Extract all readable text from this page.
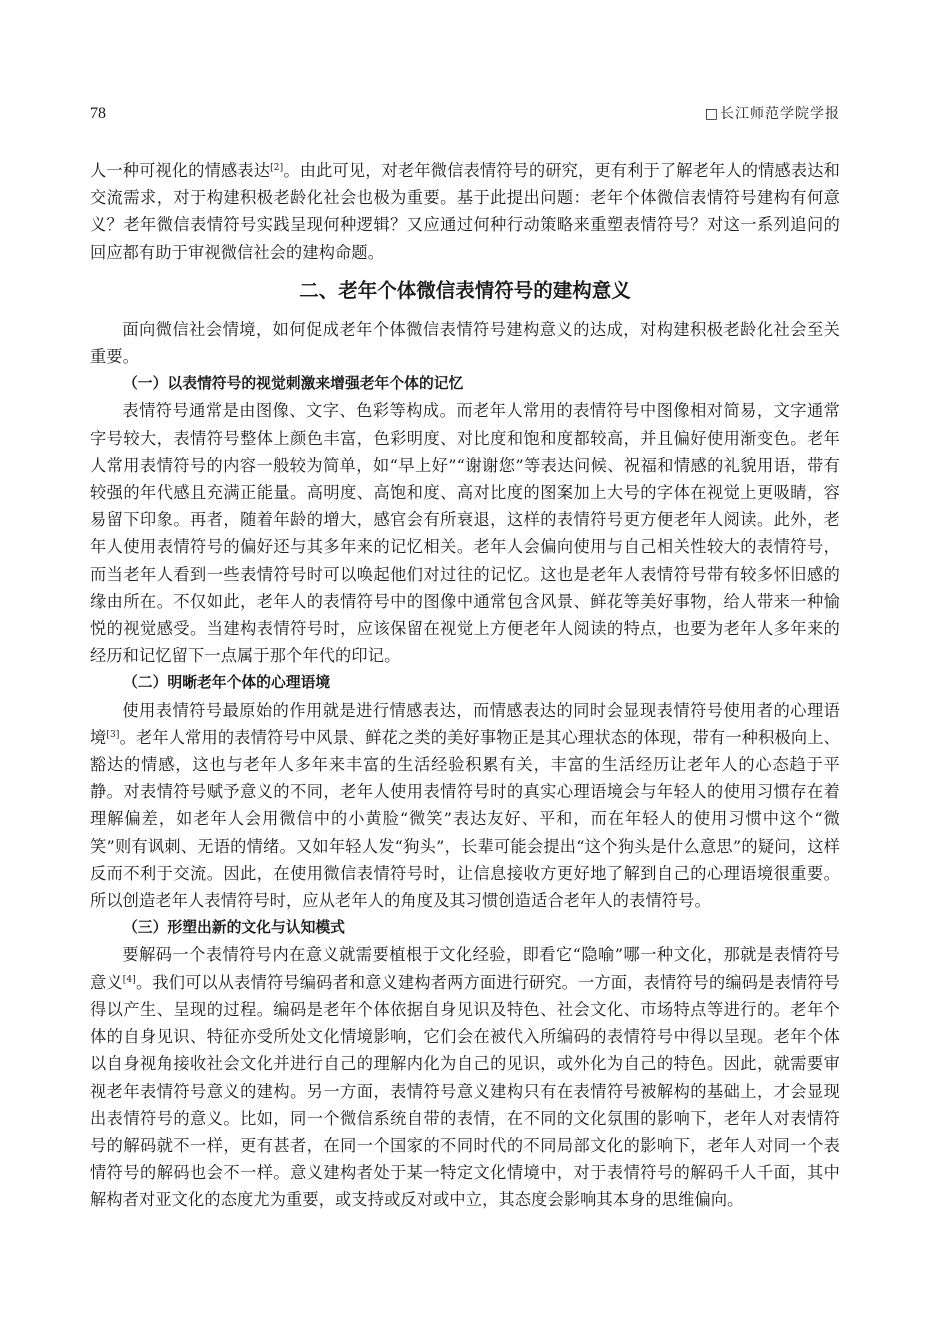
78	□长江师范学院学报

人一种可视化的情感表达[2]。由此可见，对老年微信表情符号的研究，更有利于了解老年人的情感表达和交流需求，对于构建积极老龄化社会也极为重要。基于此提出问题：老年个体微信表情符号建构有何意义？老年微信表情符号实践呈现何种逻辑？又应通过何种行动策略来重塑表情符号？对这一系列追问的回应都有助于审视微信社会的建构命题。

二、老年个体微信表情符号的建构意义

面向微信社会情境，如何促成老年个体微信表情符号建构意义的达成，对构建积极老龄化社会至关重要。

（一）以表情符号的视觉刺激来增强老年个体的记忆

表情符号通常是由图像、文字、色彩等构成。而老年人常用的表情符号中图像相对简易，文字通常字号较大，表情符号整体上颜色丰富，色彩明度、对比度和饱和度都较高，并且偏好使用渐变色。老年人常用表情符号的内容一般较为简单，如“早上好”“谢谢您”等表达问候、祝福和情感的礼貌用语，带有较强的年代感且充满正能量。高明度、高饱和度、高对比度的图案加上大号的字体在视觉上更吸睛，容易留下印象。再者，随着年龄的增大，感官会有所衰退，这样的表情符号更方便老年人阅读。此外，老年人使用表情符号的偏好还与其多年来的记忆相关。老年人会偏向使用与自己相关性较大的表情符号，而当老年人看到一些表情符号时可以唤起他们对过往的记忆。这也是老年人表情符号带有较多怀旧感的缘由所在。不仅如此，老年人的表情符号中的图像中通常包含风景、鲜花等美好事物，给人带来一种愉悦的视觉感受。当建构表情符号时，应该保留在视觉上方便老年人阅读的特点，也要为老年人多年来的经历和记忆留下一点属于那个年代的印记。

（二）明晰老年个体的心理语境

使用表情符号最原始的作用就是进行情感表达，而情感表达的同时会显现表情符号使用者的心理语境[3]。老年人常用的表情符号中风景、鲜花之类的美好事物正是其心理状态的体现，带有一种积极向上、豁达的情感，这也与老年人多年来丰富的生活经验积累有关，丰富的生活经历让老年人的心态趋于平静。对表情符号赋予意义的不同，老年人使用表情符号时的真实心理语境会与年轻人的使用习惯存在着理解偏差，如老年人会用微信中的小黄脸“微笑”表达友好、平和，而在年轻人的使用习惯中这个“微笑”则有讽刺、无语的情绪。又如年轻人发“狗头”，长辈可能会提出“这个狗头是什么意思”的疑问，这样反而不利于交流。因此，在使用微信表情符号时，让信息接收方更好地了解到自己的心理语境很重要。所以创造老年人表情符号时，应从老年人的角度及其习惯创造适合老年人的表情符号。

（三）形塑出新的文化与认知模式

要解码一个表情符号内在意义就需要植根于文化经验，即看它“隐喻”哪一种文化，那就是表情符号意义[4]。我们可以从表情符号编码者和意义建构者两方面进行研究。一方面，表情符号的编码是表情符号得以产生、呈现的过程。编码是老年个体依据自身见识及特色、社会文化、市场特点等进行的。老年个体的自身见识、特征亦受所处文化情境影响，它们会在被代入所编码的表情符号中得以呈现。老年个体以自身视角接收社会文化并进行自己的理解内化为自己的见识，或外化为自己的特色。因此，就需要审视老年表情符号意义的建构。另一方面，表情符号意义建构只有在表情符号被解构的基础上，才会显现出表情符号的意义。比如，同一个微信系统自带的表情，在不同的文化氛围的影响下，老年人对表情符号的解码就不一样，更有甚者，在同一个国家的不同时代的不同局部文化的影响下，老年人对同一个表情符号的解码也会不一样。意义建构者处于某一特定文化情境中，对于表情符号的解码千人千面，其中解构者对亚文化的态度尤为重要，或支持或反对或中立，其态度会影响其本身的思维偏向。
